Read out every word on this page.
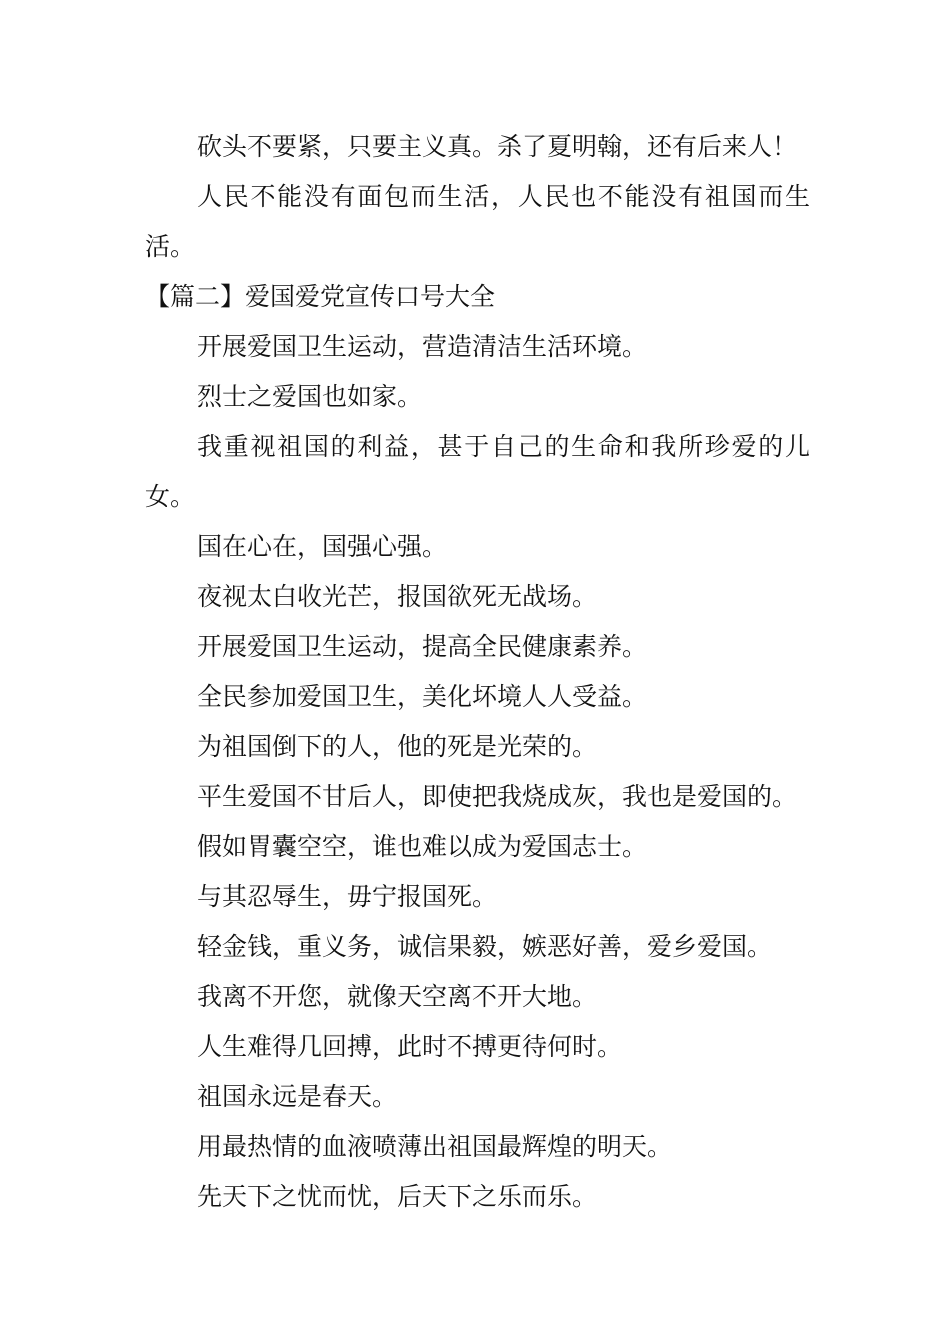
砍头不要紧，只要主义真。杀了夏明翰，还有后来人！

人民不能没有面包而生活，人民也不能没有祖国而生活。

【篇二】爱国爱党宣传口号大全

开展爱国卫生运动，营造清洁生活环境。

烈士之爱国也如家。

我重视祖国的利益，甚于自己的生命和我所珍爱的儿女。

国在心在，国强心强。

夜视太白收光芒，报国欲死无战场。

开展爱国卫生运动，提高全民健康素养。

全民参加爱国卫生，美化坏境人人受益。

为祖国倒下的人，他的死是光荣的。

平生爱国不甘后人，即使把我烧成灰，我也是爱国的。

假如胃囊空空，谁也难以成为爱国志士。

与其忍辱生，毋宁报国死。

轻金钱，重义务，诚信果毅，嫉恶好善，爱乡爱国。

我离不开您，就像天空离不开大地。

人生难得几回搏，此时不搏更待何时。

祖国永远是春天。

用最热情的血液喷薄出祖国最辉煌的明天。

先天下之忧而忧，后天下之乐而乐。
